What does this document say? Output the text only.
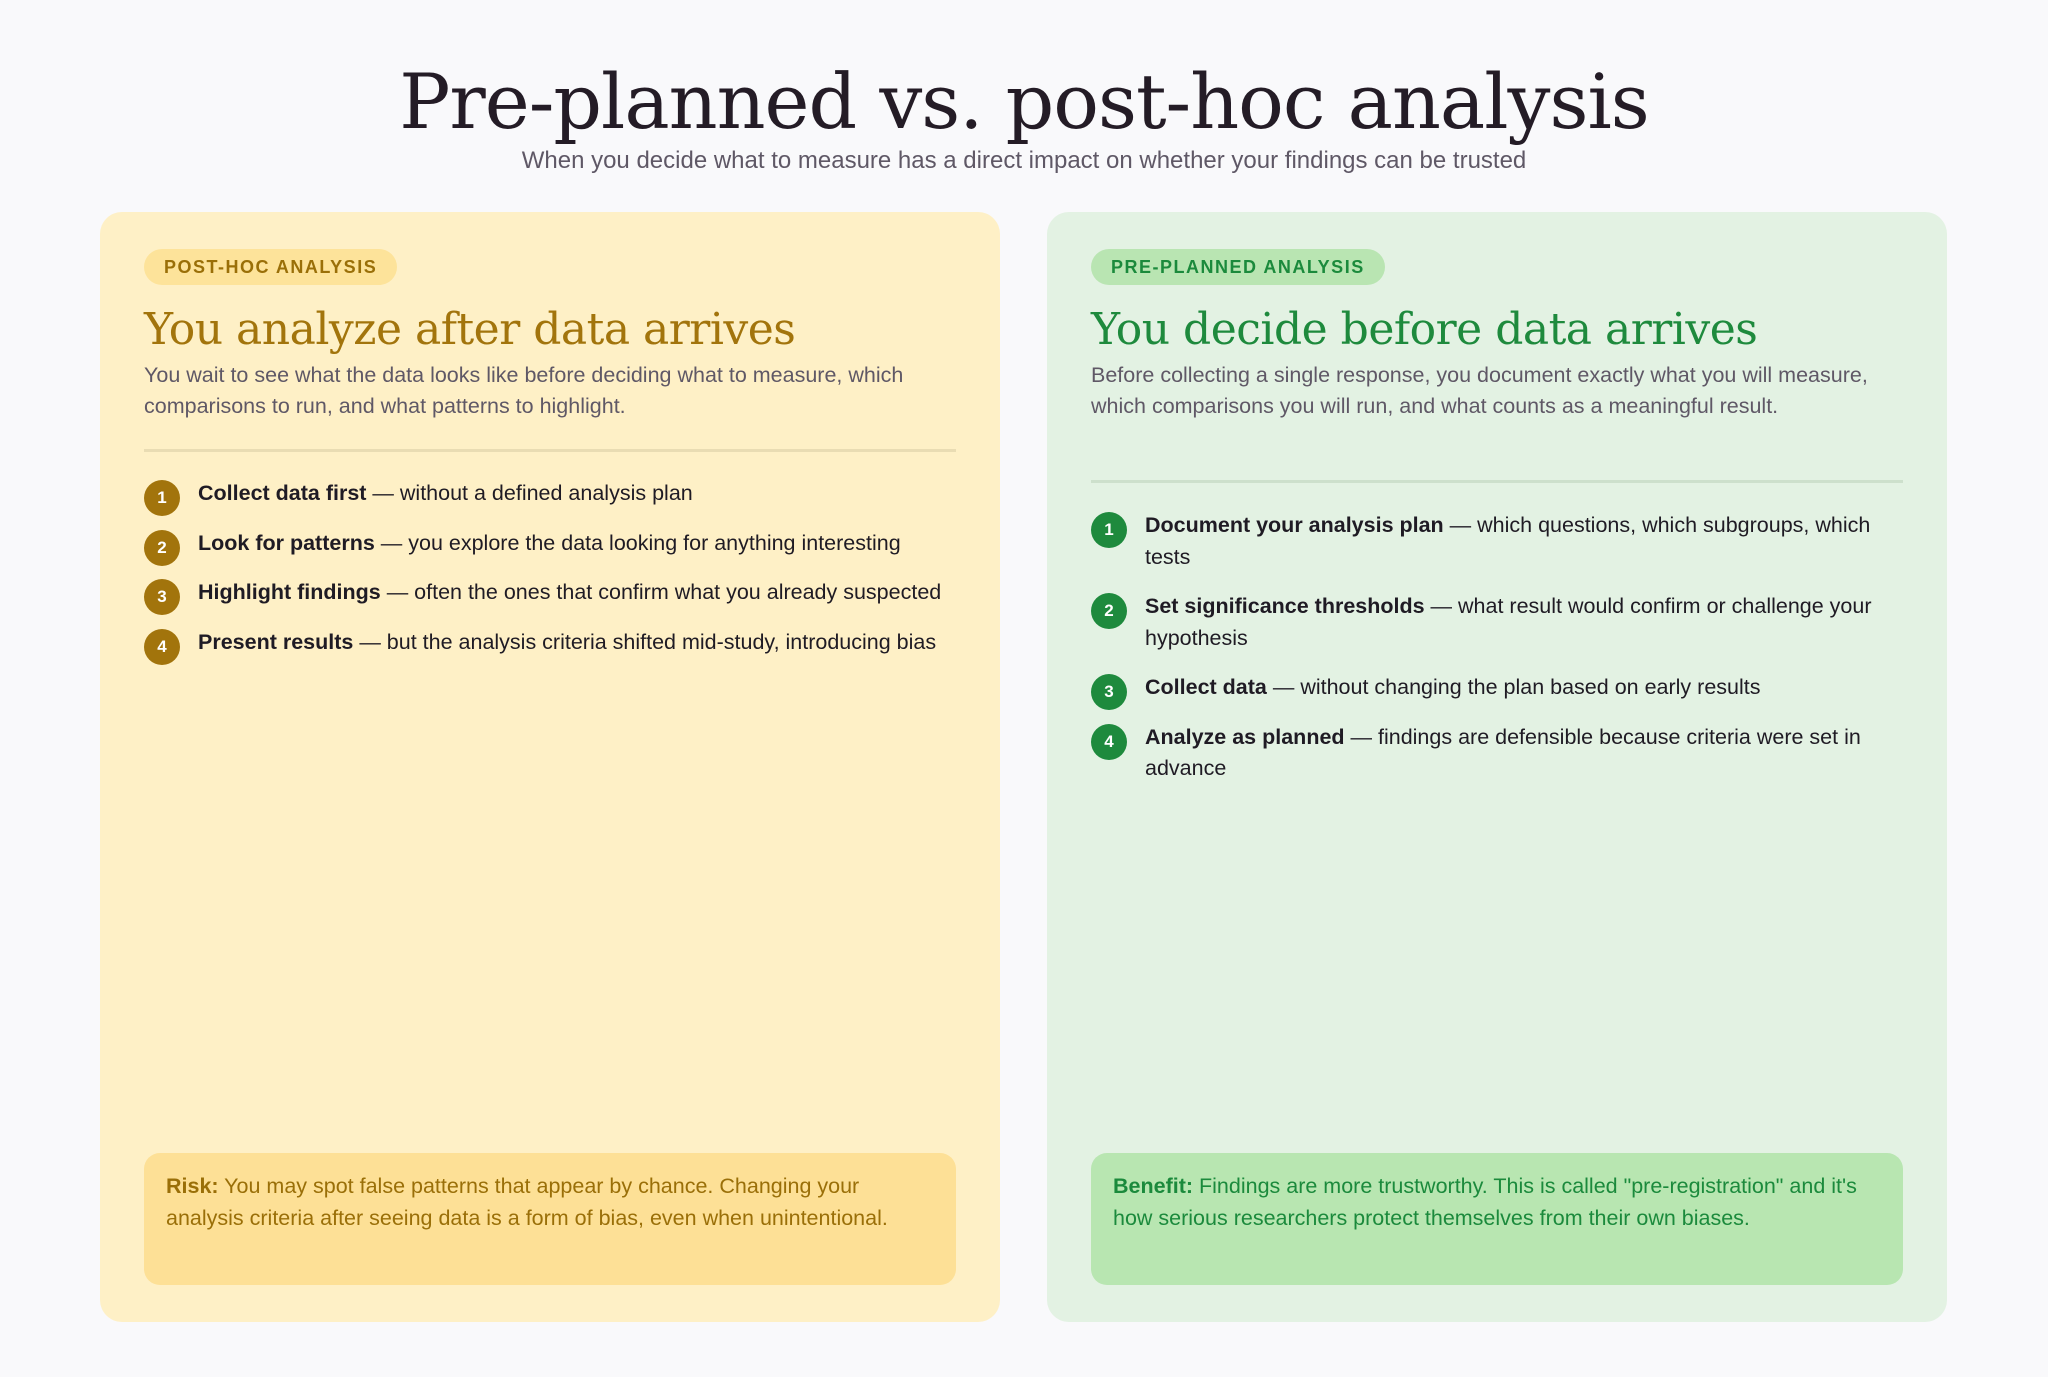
Pre-planned vs. post-hoc analysis
When you decide what to measure has a direct impact on whether your findings can be trusted
POST-HOC ANALYSIS
You analyze after data arrives
You wait to see what the data looks like before deciding what to measure, which comparisons to run, and what patterns to highlight.
1	Collect data first — without a defined analysis plan
2	Look for patterns — you explore the data looking for anything interesting
3	Highlight findings — often the ones that confirm what you already suspected
4	Present results — but the analysis criteria shifted mid-study, introducing bias
Risk: You may spot false patterns that appear by chance. Changing your analysis criteria after seeing data is a form of bias, even when unintentional.
PRE-PLANNED ANALYSIS
You decide before data arrives
Before collecting a single response, you document exactly what you will measure, which comparisons you will run, and what counts as a meaningful result.
1	Document your analysis plan — which questions, which subgroups, which tests
2	Set significance thresholds — what result would confirm or challenge your hypothesis
3	Collect data — without changing the plan based on early results
4	Analyze as planned — findings are defensible because criteria were set in advance
Benefit: Findings are more trustworthy. This is called "pre-registration" and it's how serious researchers protect themselves from their own biases.
